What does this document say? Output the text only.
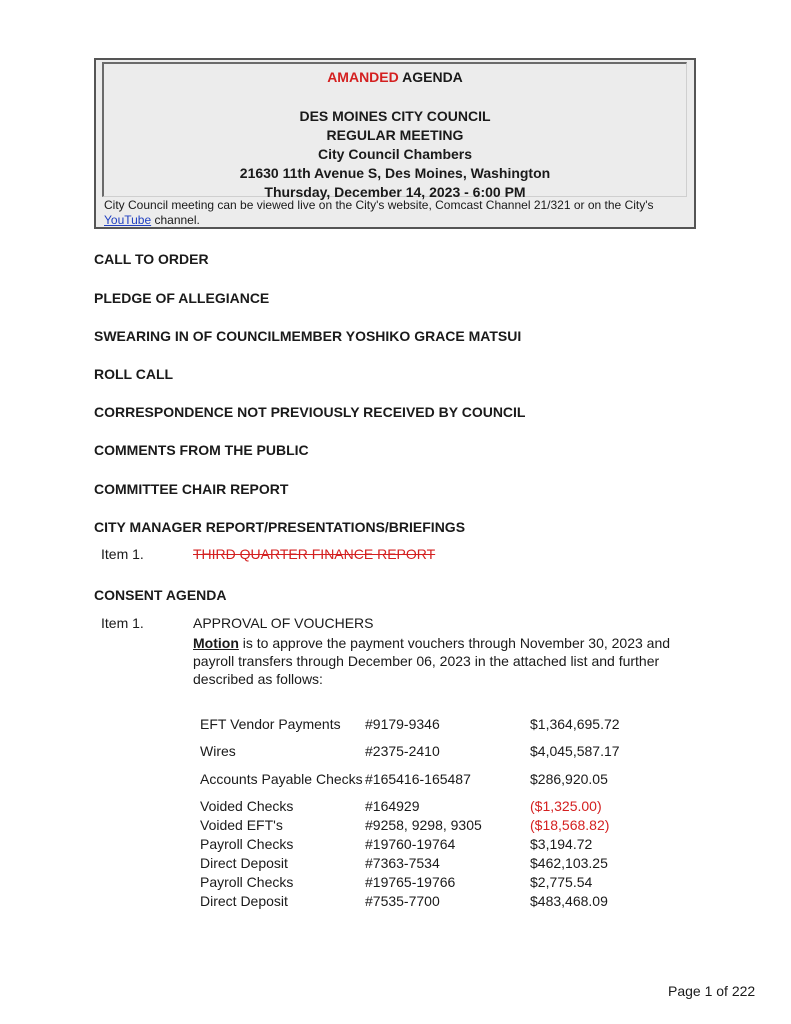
AMANDED AGENDA
DES MOINES CITY COUNCIL
REGULAR MEETING
City Council Chambers
21630 11th Avenue S, Des Moines, Washington
Thursday, December 14, 2023 - 6:00 PM
City Council meeting can be viewed live on the City's website, Comcast Channel 21/321 or on the City's YouTube channel.
CALL TO ORDER
PLEDGE OF ALLEGIANCE
SWEARING IN OF COUNCILMEMBER YOSHIKO GRACE MATSUI
ROLL CALL
CORRESPONDENCE NOT PREVIOUSLY RECEIVED BY COUNCIL
COMMENTS FROM THE PUBLIC
COMMITTEE CHAIR REPORT
CITY MANAGER REPORT/PRESENTATIONS/BRIEFINGS
Item 1.	THIRD QUARTER FINANCE REPORT
CONSENT AGENDA
Item 1.	APPROVAL OF VOUCHERS
Motion is to approve the payment vouchers through November 30, 2023 and payroll transfers through December 06, 2023 in the attached list and further described as follows:
EFT Vendor Payments	#9179-9346	$1,364,695.72
Wires	#2375-2410	$4,045,587.17
Accounts Payable Checks	#165416-165487	$286,920.05
Voided Checks	#164929	($1,325.00)
Voided EFT's	#9258, 9298, 9305	($18,568.82)
Payroll Checks	#19760-19764	$3,194.72
Direct Deposit	#7363-7534	$462,103.25
Payroll Checks	#19765-19766	$2,775.54
Direct Deposit	#7535-7700	$483,468.09
Page 1 of 222
